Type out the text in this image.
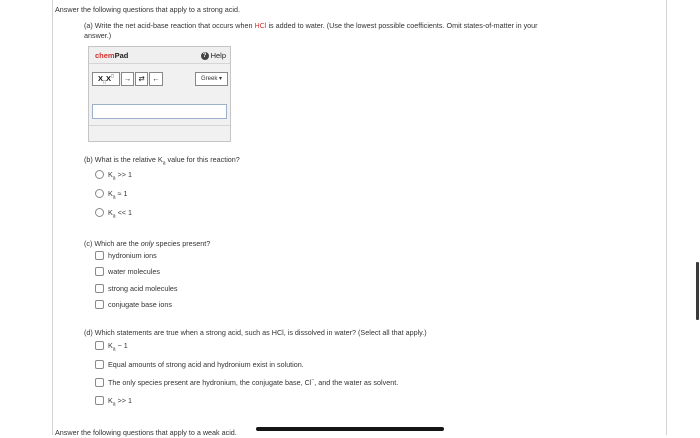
Answer the following questions that apply to a strong acid.
(a) Write the net acid-base reaction that occurs when HCl is added to water. (Use the lowest possible coefficients. Omit states-of-matter in your
answer.)
chemPad	? Help
$X_□X^□$	→ ⇄	←	Greek ▾
(b) What is the relative $K_a$ value for this reaction?
$K_a >> 1$
$K_a \approx 1$
$K_a << 1$
(c) Which are the only species present?
hydronium ions
water molecules
strong acid molecules
conjugate base ions
(d) Which statements are true when a strong acid, such as HCl, is dissolved in water? (Select all that apply.)
$K_a$ ~ 1
Equal amounts of strong acid and hydronium exist in solution.
The only species present are hydronium, the conjugate base, Cl−, and the water as solvent.
$K_a >> 1$
Answer the following questions that apply to a weak acid.
